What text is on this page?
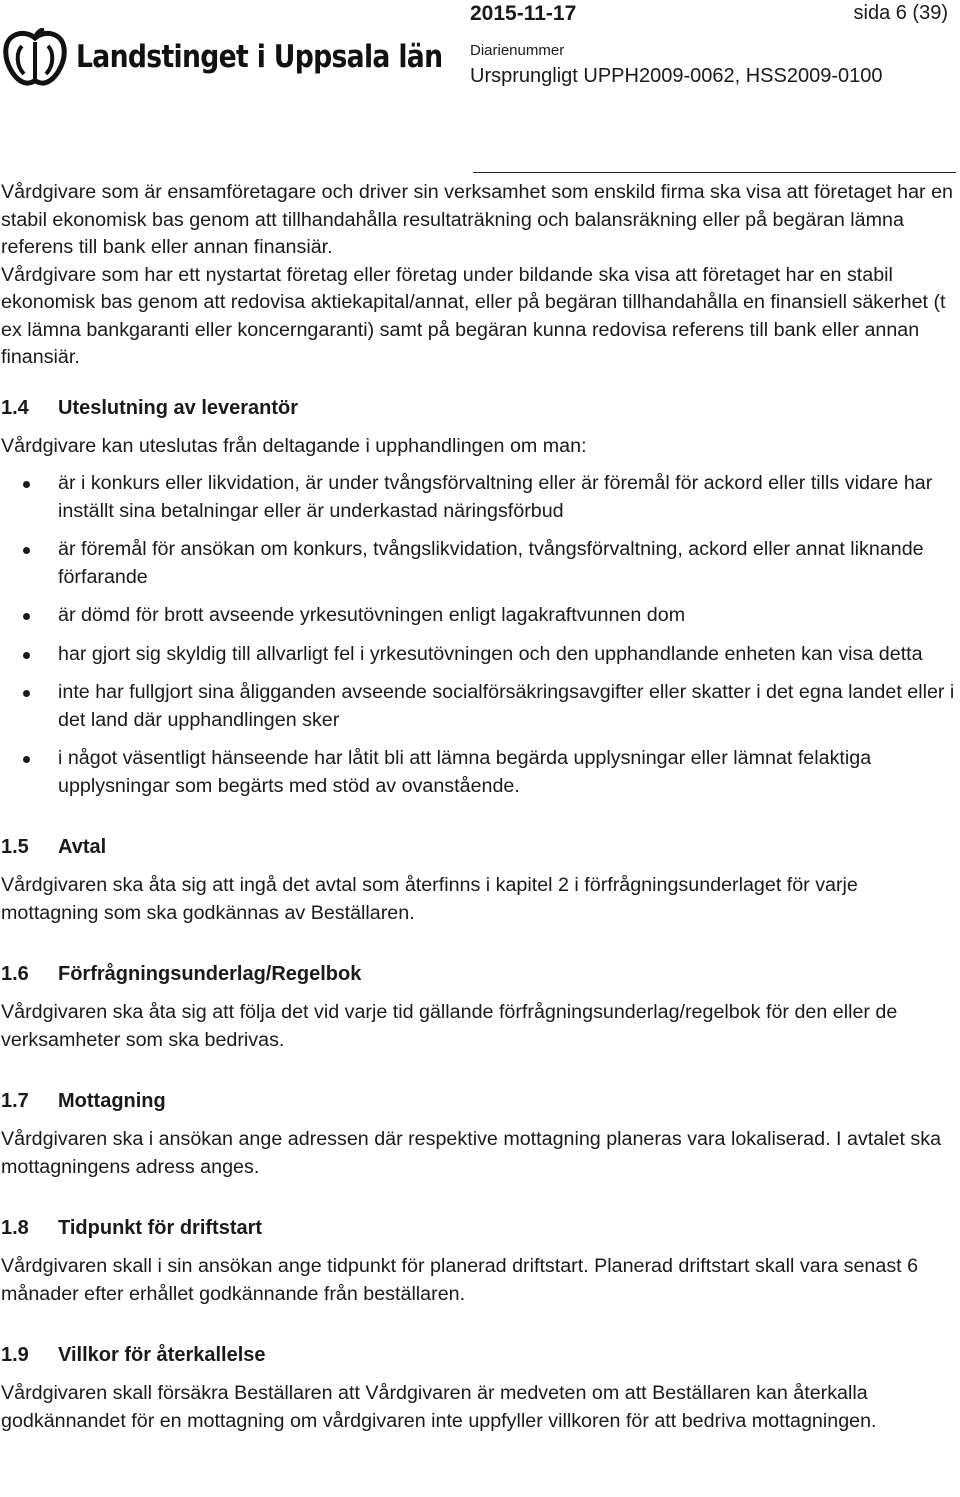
Landstinget i Uppsala län
2015-11-17	sida 6 (39)
Diarienummer
Ursprungligt UPPH2009-0062, HSS2009-0100

Vårdgivare som är ensamföretagare och driver sin verksamhet som enskild firma ska visa att företaget har en stabil ekonomisk bas genom att tillhandahålla resultaträkning och balansräkning eller på begäran lämna referens till bank eller annan finansiär.

Vårdgivare som har ett nystartat företag eller företag under bildande ska visa att företaget har en stabil ekonomisk bas genom att redovisa aktiekapital/annat, eller på begäran tillhandahålla en finansiell säkerhet (t ex lämna bankgaranti eller koncerngaranti) samt på begäran kunna redovisa referens till bank eller annan finansiär.

1.4	Uteslutning av leverantör

Vårdgivare kan uteslutas från deltagande i upphandlingen om man:

är i konkurs eller likvidation, är under tvångsförvaltning eller är föremål för ackord eller tills vidare har inställt sina betalningar eller är underkastad näringsförbud
är föremål för ansökan om konkurs, tvångslikvidation, tvångsförvaltning, ackord eller annat liknande förfarande
är dömd för brott avseende yrkesutövningen enligt lagakraftvunnen dom
har gjort sig skyldig till allvarligt fel i yrkesutövningen och den upphandlande enheten kan visa detta
inte har fullgjort sina åligganden avseende socialförsäkringsavgifter eller skatter i det egna landet eller i det land där upphandlingen sker
i något väsentligt hänseende har låtit bli att lämna begärda upplysningar eller lämnat felaktiga upplysningar som begärts med stöd av ovanstående.
1.5	Avtal

Vårdgivaren ska åta sig att ingå det avtal som återfinns i kapitel 2 i förfrågningsunderlaget för varje mottagning som ska godkännas av Beställaren.

1.6	Förfrågningsunderlag/Regelbok

Vårdgivaren ska åta sig att följa det vid varje tid gällande förfrågningsunderlag/regelbok för den eller de verksamheter som ska bedrivas.

1.7	Mottagning

Vårdgivaren ska i ansökan ange adressen där respektive mottagning planeras vara lokaliserad. I avtalet ska mottagningens adress anges.

1.8	Tidpunkt för driftstart

Vårdgivaren skall i sin ansökan ange tidpunkt för planerad driftstart. Planerad driftstart skall vara senast 6 månader efter erhållet godkännande från beställaren.

1.9	Villkor för återkallelse

Vårdgivaren skall försäkra Beställaren att Vårdgivaren är medveten om att Beställaren kan återkalla godkännandet för en mottagning om vårdgivaren inte uppfyller villkoren för att bedriva mottagningen.
